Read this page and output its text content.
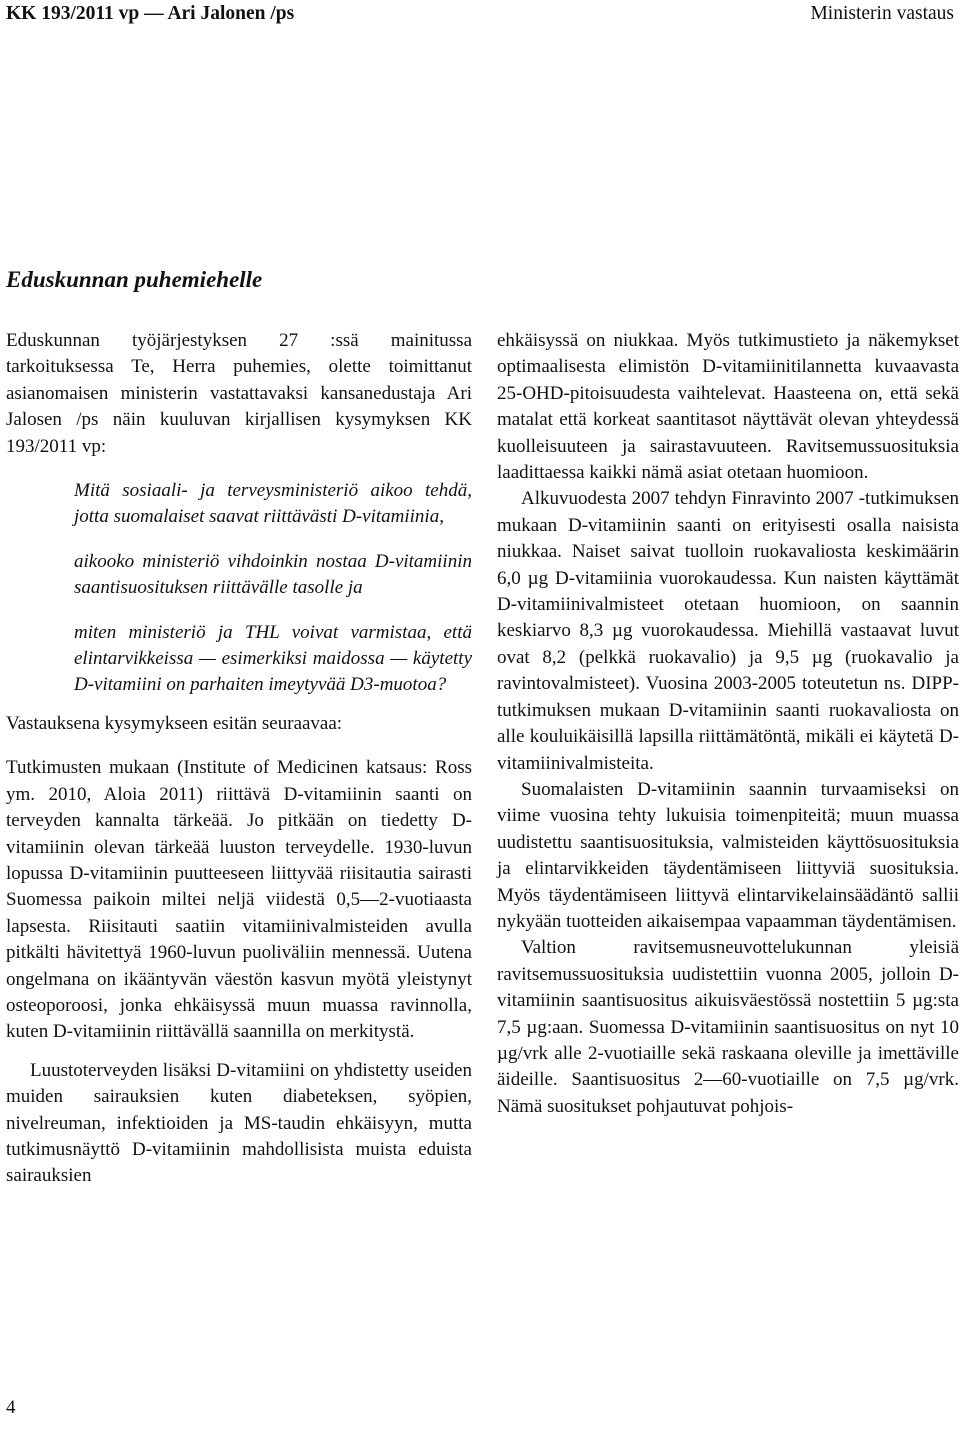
KK 193/2011 vp — Ari Jalonen /ps	Ministerin vastaus
Eduskunnan puhemiehelle

Eduskunnan työjärjestyksen 27 :ssä mainitussa tarkoituksessa Te, Herra puhemies, olette toimittanut asianomaisen ministerin vastattavaksi kansanedustaja Ari Jalosen /ps näin kuuluvan kirjallisen kysymyksen KK 193/2011 vp:

Mitä sosiaali- ja terveysministeriö aikoo tehdä, jotta suomalaiset saavat riittävästi D-vitamiinia,

aikooko ministeriö vihdoinkin nostaa D-vitamiinin saantisuosituksen riittävälle tasolle ja

miten ministeriö ja THL voivat varmistaa, että elintarvikkeissa — esimerkiksi maidossa — käytetty D-vitamiini on parhaiten imeytyvää D3-muotoa?

Vastauksena kysymykseen esitän seuraavaa:

Tutkimusten mukaan (Institute of Medicinen katsaus: Ross ym. 2010, Aloia 2011) riittävä D-vitamiinin saanti on terveyden kannalta tärkeää. Jo pitkään on tiedetty D-vitamiinin olevan tärkeää luuston terveydelle. 1930-luvun lopussa D-vitamiinin puutteeseen liittyvää riisitautia sairasti Suomessa paikoin miltei neljä viidestä 0,5—2-vuotiaasta lapsesta. Riisitauti saatiin vitamiinivalmisteiden avulla pitkälti hävitettyä 1960-luvun puoliväliin mennessä. Uutena ongelmana on ikääntyvän väestön kasvun myötä yleistynyt osteoporoosi, jonka ehkäisyssä muun muassa ravinnolla, kuten D-vitamiinin riittävällä saannilla on merkitystä.

Luustoterveyden lisäksi D-vitamiini on yhdistetty useiden muiden sairauksien kuten diabeteksen, syöpien, nivelreuman, infektioiden ja MS-taudin ehkäisyyn, mutta tutkimusnäyttö D-vitamiinin mahdollisista muista eduista sairauksien

ehkäisyssä on niukkaa. Myös tutkimustieto ja näkemykset optimaalisesta elimistön D-vitamiinitilannetta kuvaavasta 25-OHD-pitoisuudesta vaihtelevat. Haasteena on, että sekä matalat että korkeat saantitasot näyttävät olevan yhteydessä kuolleisuuteen ja sairastavuuteen. Ravitsemussuosituksia laadittaessa kaikki nämä asiat otetaan huomioon.

Alkuvuodesta 2007 tehdyn Finravinto 2007 -tutkimuksen mukaan D-vitamiinin saanti on erityisesti osalla naisista niukkaa. Naiset saivat tuolloin ruokavaliosta keskimäärin 6,0 µg D-vitamiinia vuorokaudessa. Kun naisten käyttämät D-vitamiinivalmisteet otetaan huomioon, on saannin keskiarvo 8,3 µg vuorokaudessa. Miehillä vastaavat luvut ovat 8,2 (pelkkä ruokavalio) ja 9,5 µg (ruokavalio ja ravintovalmisteet). Vuosina 2003-2005 toteutetun ns. DIPP-tutkimuksen mukaan D-vitamiinin saanti ruokavaliosta on alle kouluikäisillä lapsilla riittämätöntä, mikäli ei käytetä D-vitamiinivalmisteita.

Suomalaisten D-vitamiinin saannin turvaamiseksi on viime vuosina tehty lukuisia toimenpiteitä; muun muassa uudistettu saantisuosituksia, valmisteiden käyttösuosituksia ja elintarvikkeiden täydentämiseen liittyviä suosituksia. Myös täydentämiseen liittyvä elintarvikelainsäädäntö sallii nykyään tuotteiden aikaisempaa vapaamman täydentämisen.

Valtion ravitsemusneuvottelukunnan yleisiä ravitsemussuosituksia uudistettiin vuonna 2005, jolloin D-vitamiinin saantisuositus aikuisväestössä nostettiin 5 µg:sta 7,5 µg:aan. Suomessa D-vitamiinin saantisuositus on nyt 10 µg/vrk alle 2-vuotiaille sekä raskaana oleville ja imettäville äideille. Saantisuositus 2—60-vuotiaille on 7,5 µg/vrk. Nämä suositukset pohjautuvat pohjois-

4
